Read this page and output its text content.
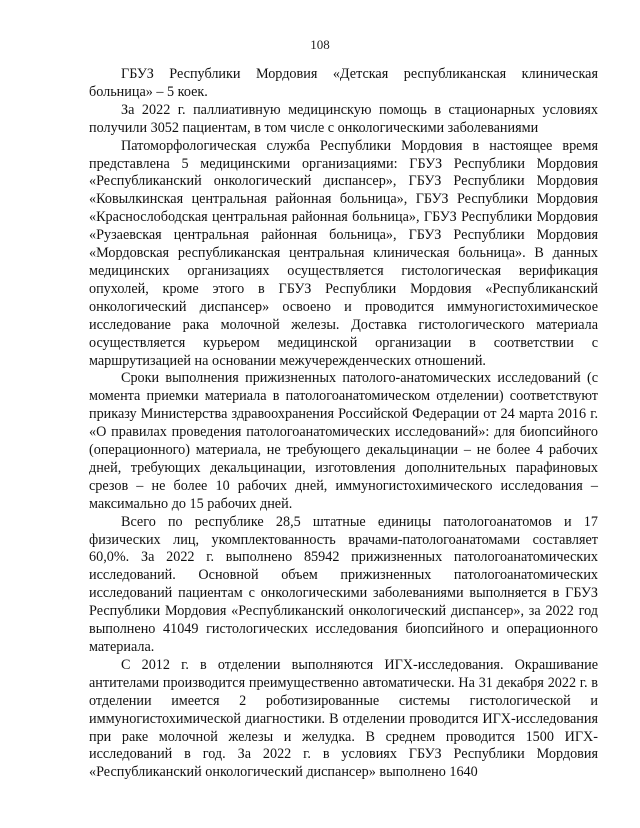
108

ГБУЗ Республики Мордовия «Детская республиканская клиническая больница» – 5 коек.

За 2022 г. паллиативную медицинскую помощь в стационарных условиях получили 3052 пациентам, в том числе с онкологическими заболеваниями

Патоморфологическая служба Республики Мордовия в настоящее время представлена 5 медицинскими организациями: ГБУЗ Республики Мордовия «Республиканский онкологический диспансер», ГБУЗ Республики Мордовия «Ковылкинская центральная районная больница», ГБУЗ Республики Мордовия «Краснослободская центральная районная больница», ГБУЗ Республики Мордовия «Рузаевская центральная районная больница», ГБУЗ Республики Мордовия «Мордовская республиканская центральная клиническая больница». В данных медицинских организациях осуществляется гистологическая верификация опухолей, кроме этого в ГБУЗ Республики Мордовия «Республиканский онкологический диспансер» освоено и проводится иммуногистохимическое исследование рака молочной железы. Доставка гистологического материала осуществляется курьером медицинской организации в соответствии с маршрутизацией на основании межучережденческих отношений.

Сроки выполнения прижизненных патолого-анатомических исследований (с момента приемки материала в патологоанатомическом отделении) соответствуют приказу Министерства здравоохранения Российской Федерации от 24 марта 2016 г. «О правилах проведения патологоанатомических исследований»: для биопсийного (операционного) материала, не требующего декальцинации – не более 4 рабочих дней, требующих декальцинации, изготовления дополнительных парафиновых срезов – не более 10 рабочих дней, иммуногистохимического исследования – максимально до 15 рабочих дней.

Всего по республике 28,5 штатные единицы патологоанатомов и 17 физических лиц, укомплектованность врачами-патологоанатомами составляет 60,0%. За 2022 г. выполнено 85942 прижизненных патологоанатомических исследований. Основной объем прижизненных патологоанатомических исследований пациентам с онкологическими заболеваниями выполняется в ГБУЗ Республики Мордовия «Республиканский онкологический диспансер», за 2022 год выполнено 41049 гистологических исследования биопсийного и операционного материала.

С 2012 г. в отделении выполняются ИГХ-исследования. Окрашивание антителами производится преимущественно автоматически. На 31 декабря 2022 г. в отделении имеется 2 роботизированные системы гистологической и иммуногистохимической диагностики. В отделении проводится ИГХ-исследования при раке молочной железы и желудка. В среднем проводится 1500 ИГХ-исследований в год. За 2022 г. в условиях ГБУЗ Республики Мордовия «Республиканский онкологический диспансер» выполнено 1640
